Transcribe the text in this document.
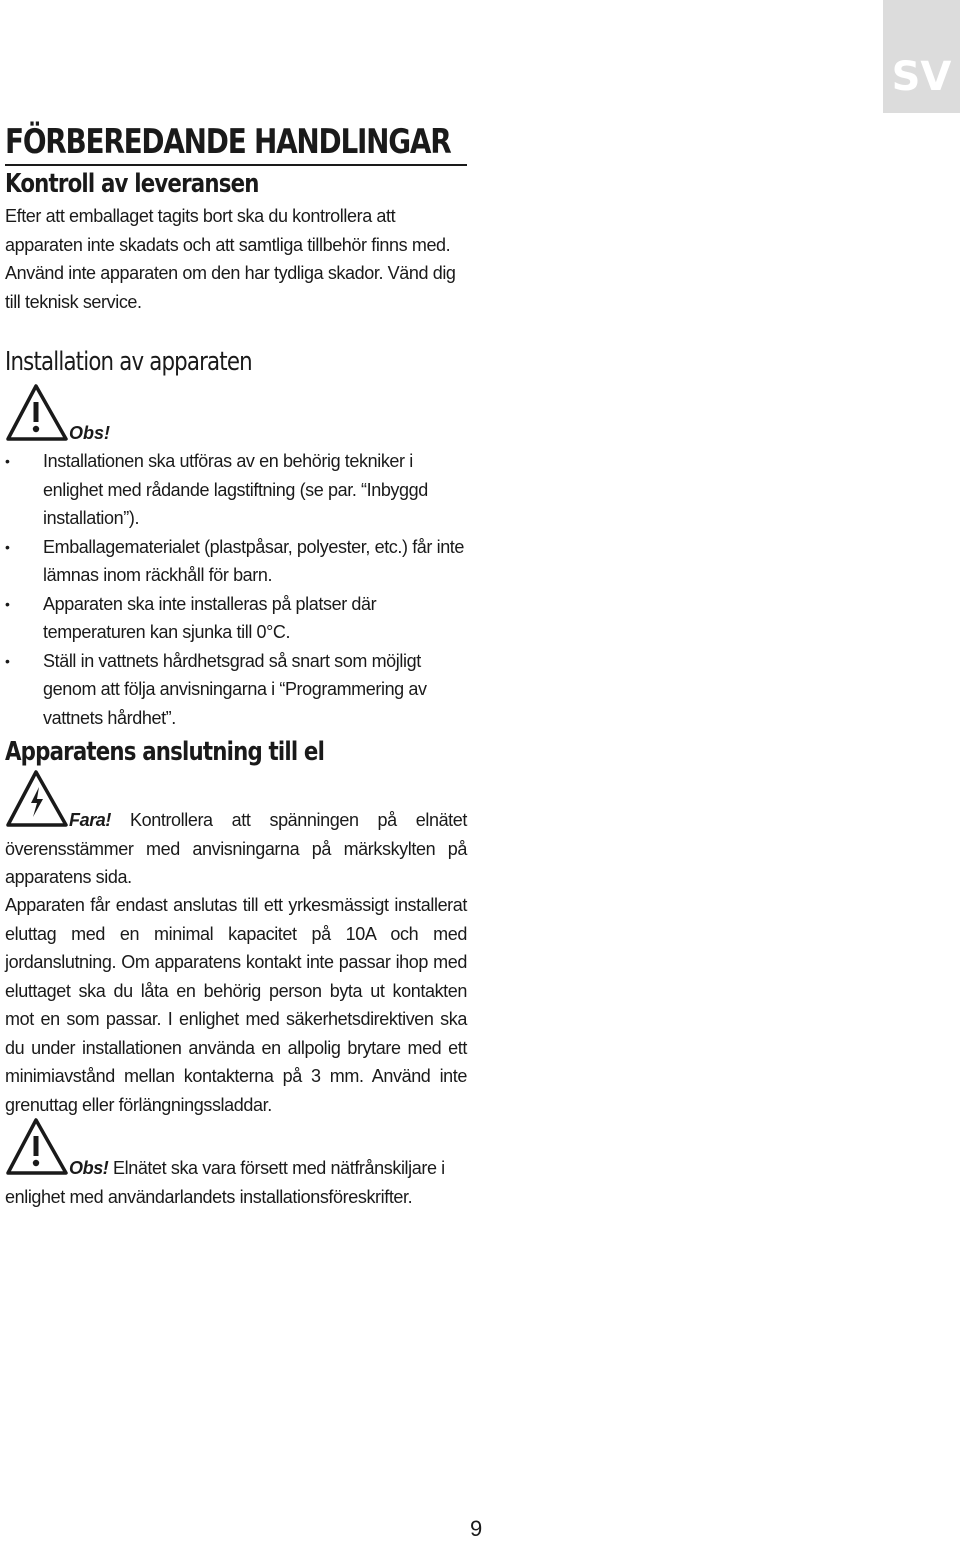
SV
FÖRBEREDANDE HANDLINGAR
Kontroll av leveransen

Efter att emballaget tagits bort ska du kontrollera att apparaten inte skadats och att samtliga tillbehör finns med. Använd inte apparaten om den har tydliga skador. Vänd dig till teknisk service.

Installation av apparaten
Obs!
• Installationen ska utföras av en behörig tekniker i enlighet med rådande lagstiftning (se par. “Inbyggd installation”).
• Emballagematerialet (plastpåsar, polyester, etc.) får inte lämnas inom räckhåll för barn.
• Apparaten ska inte installeras på platser där temperaturen kan sjunka till 0°C.
• Ställ in vattnets hårdhetsgrad så snart som möjligt genom att följa anvisningarna i “Programmering av vattnets hårdhet”.
Apparatens anslutning till el

Fara! Kontrollera att spänningen på elnätet överensstämmer med anvisningarna på märkskylten på apparatens sida.

Apparaten får endast anslutas till ett yrkesmässigt installerat eluttag med en minimal kapacitet på 10A och med jordanslutning. Om apparatens kontakt inte passar ihop med eluttaget ska du låta en behörig person byta ut kontakten mot en som passar. I enlighet med säkerhetsdirektiven ska du under installationen använda en allpolig brytare med ett minimiavstånd mellan kontakterna på 3 mm. Använd inte grenuttag eller förlängningssladdar.

Obs! Elnätet ska vara försett med nätfrånskiljare i enlighet med användarlandets installationsföreskrifter.

9
